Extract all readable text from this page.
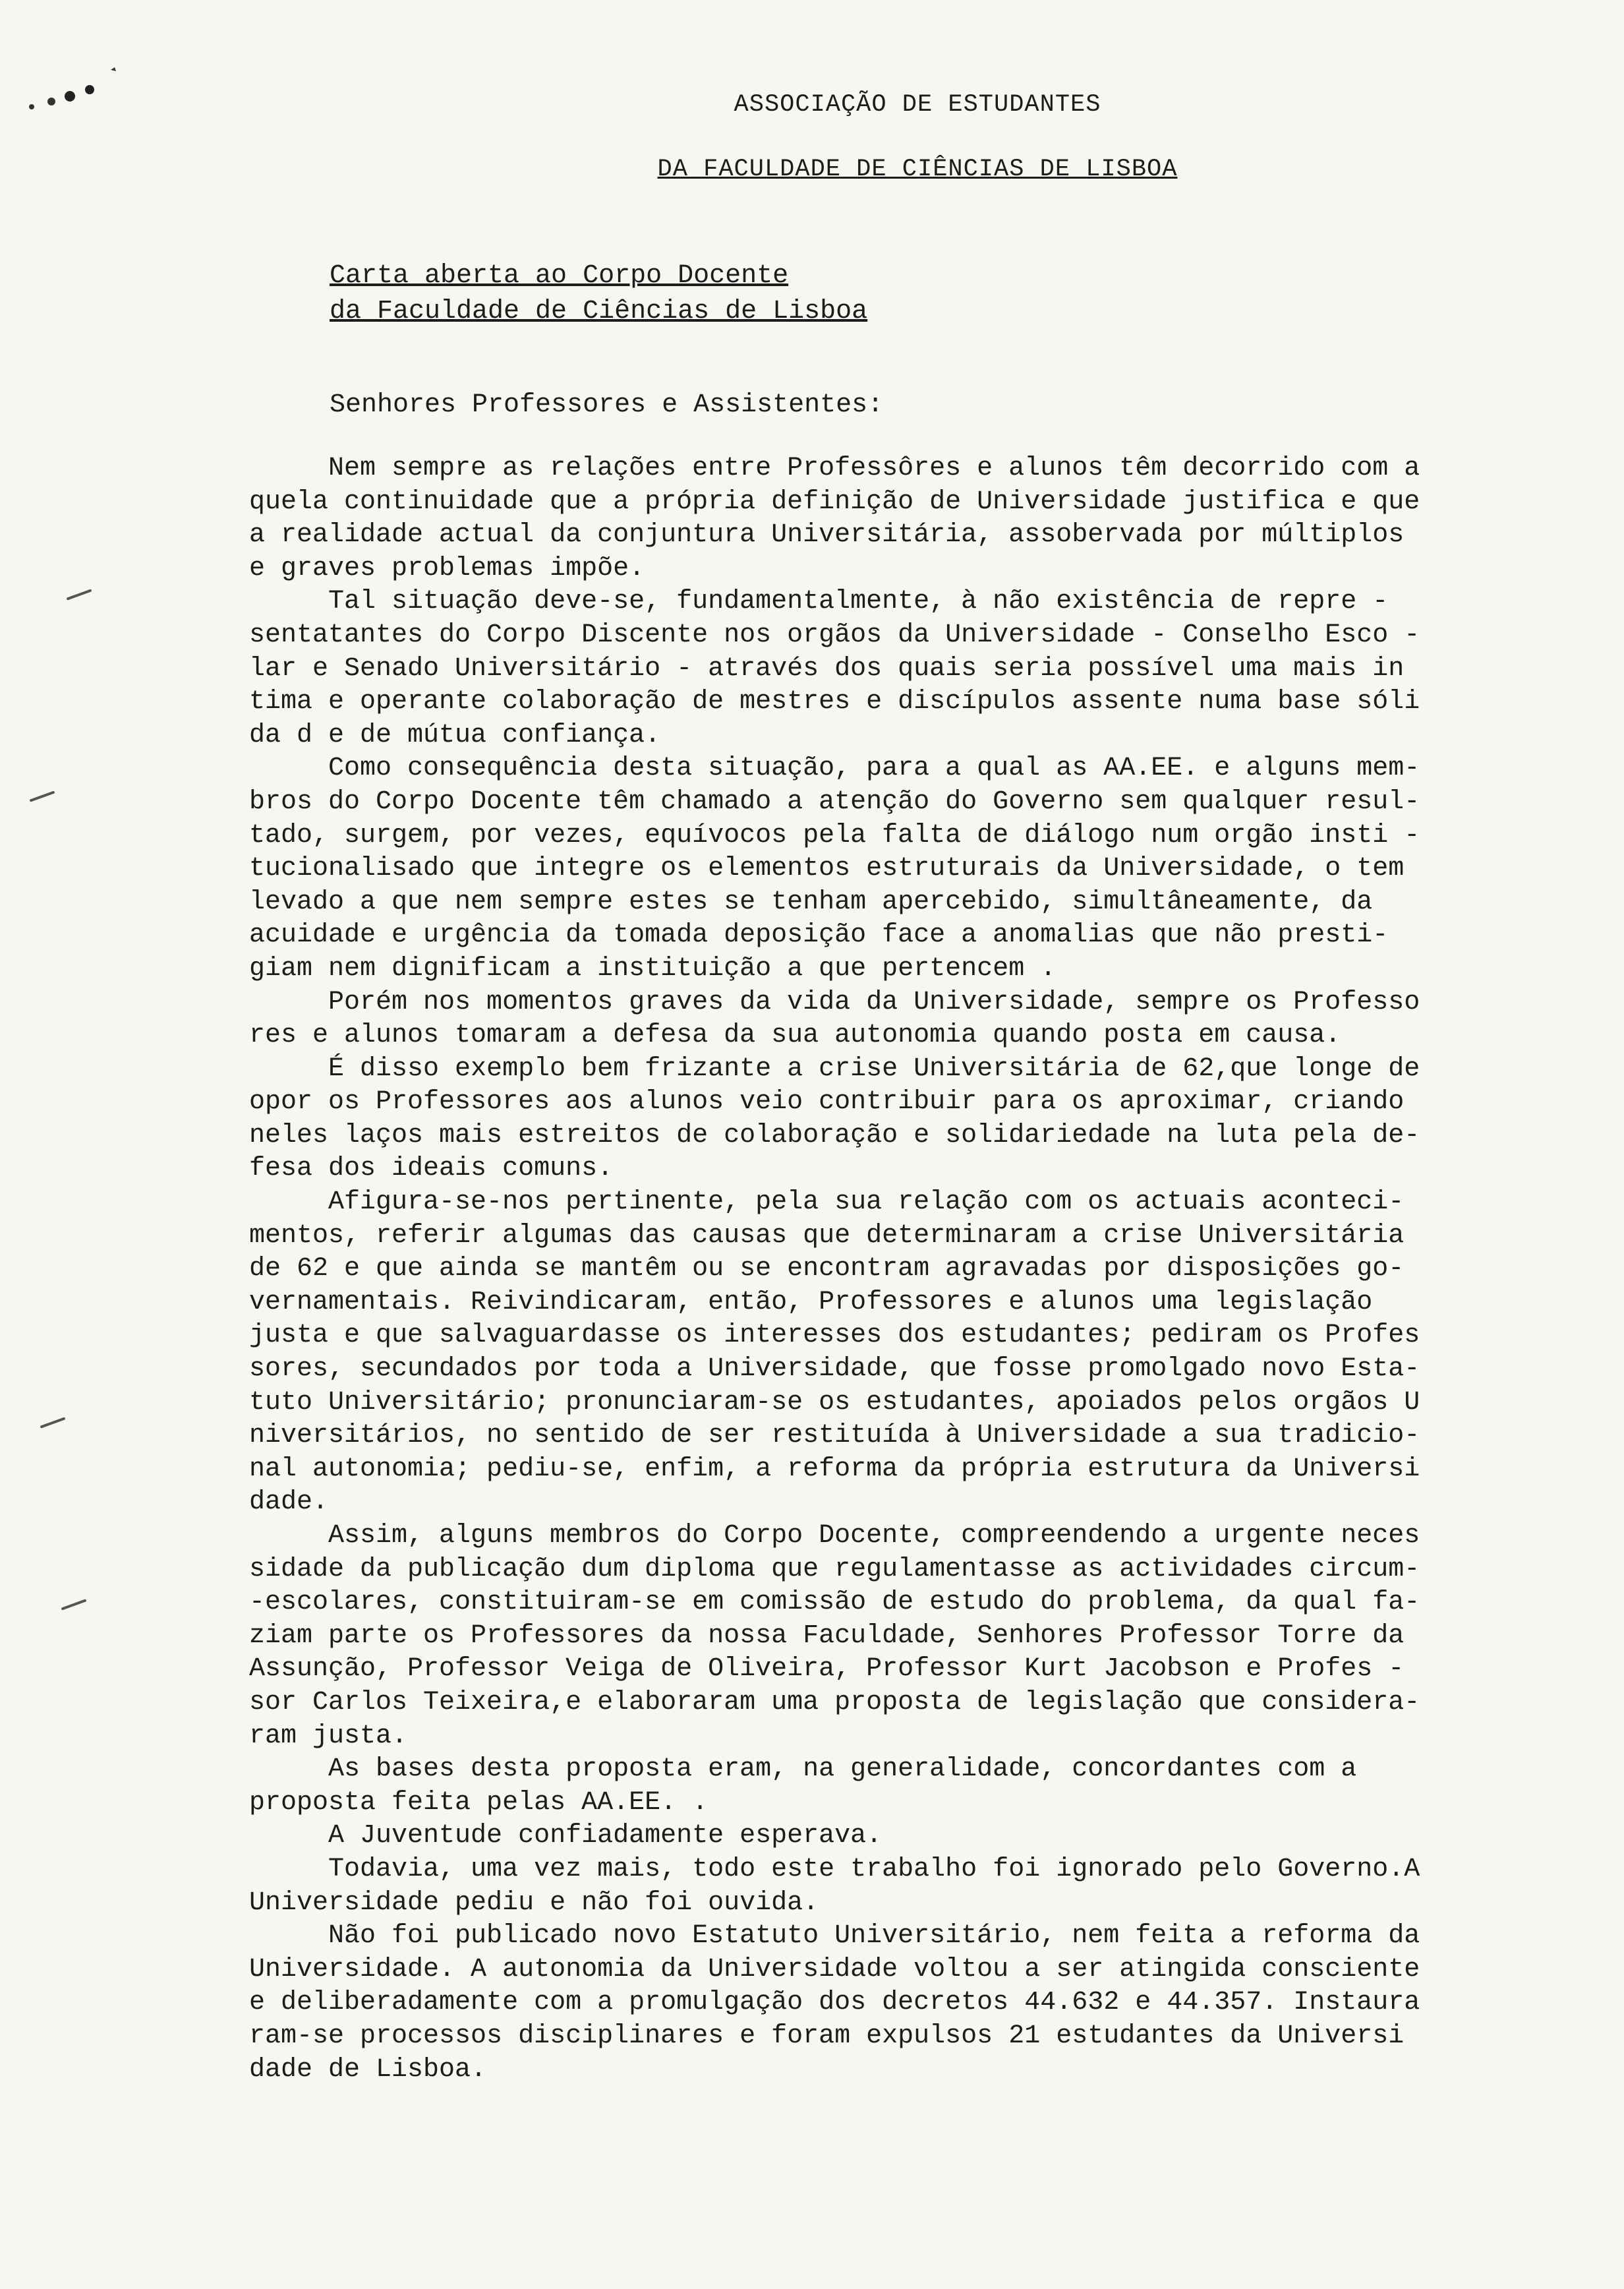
ASSOCIAÇÃO DE ESTUDANTES
DA FACULDADE DE CIÊNCIAS DE LISBOA
Carta aberta ao Corpo Docente
da Faculdade de Ciências de Lisboa
Senhores Professores e Assistentes:
Nem sempre as relações entre Professôres e alunos têm decorrido com a
quela continuidade que a própria definição de Universidade justifica e que
a realidade actual da conjuntura Universitária, assobervada por múltiplos
e graves problemas impõe.
Tal situação deve-se, fundamentalmente, à não existência de repre -
sentatantes do Corpo Discente nos orgãos da Universidade - Conselho Esco -
lar e Senado Universitário - através dos quais seria possível uma mais in
tima e operante colaboração de mestres e discípulos assente numa base sóli
da d e de mútua confiança.
Como consequência desta situação, para a qual as AA.EE. e alguns mem-
bros do Corpo Docente têm chamado a atenção do Governo sem qualquer resul-
tado, surgem, por vezes, equívocos pela falta de diálogo num orgão insti -
tucionalisado que integre os elementos estruturais da Universidade, o tem
levado a que nem sempre estes se tenham apercebido, simultâneamente, da
acuidade e urgência da tomada deposição face a anomalias que não presti-
giam nem dignificam a instituição a que pertencem .
Porém nos momentos graves da vida da Universidade, sempre os Professo
res e alunos tomaram a defesa da sua autonomia quando posta em causa.
É disso exemplo bem frizante a crise Universitária de 62,que longe de
opor os Professores aos alunos veio contribuir para os aproximar, criando
neles laços mais estreitos de colaboração e solidariedade na luta pela de-
fesa dos ideais comuns.
Afigura-se-nos pertinente, pela sua relação com os actuais aconteci-
mentos, referir algumas das causas que determinaram a crise Universitária
de 62 e que ainda se mantêm ou se encontram agravadas por disposições go-
vernamentais. Reivindicaram, então, Professores e alunos uma legislação
justa e que salvaguardasse os interesses dos estudantes; pediram os Profes
sores, secundados por toda a Universidade, que fosse promolgado novo Esta-
tuto Universitário; pronunciaram-se os estudantes, apoiados pelos orgãos U
niversitários, no sentido de ser restituída à Universidade a sua tradicio-
nal autonomia; pediu-se, enfim, a reforma da própria estrutura da Universi
dade.
Assim, alguns membros do Corpo Docente, compreendendo a urgente neces
sidade da publicação dum diploma que regulamentasse as actividades circum-
-escolares, constituiram-se em comissão de estudo do problema, da qual fa-
ziam parte os Professores da nossa Faculdade, Senhores Professor Torre da
Assunção, Professor Veiga de Oliveira, Professor Kurt Jacobson e Profes -
sor Carlos Teixeira,e elaboraram uma proposta de legislação que considera-
ram justa.
As bases desta proposta eram, na generalidade, concordantes com a
proposta feita pelas AA.EE. .
A Juventude confiadamente esperava.
Todavia, uma vez mais, todo este trabalho foi ignorado pelo Governo.A
Universidade pediu e não foi ouvida.
Não foi publicado novo Estatuto Universitário, nem feita a reforma da
Universidade. A autonomia da Universidade voltou a ser atingida consciente
e deliberadamente com a promulgação dos decretos 44.632 e 44.357. Instaura
ram-se processos disciplinares e foram expulsos 21 estudantes da Universi
dade de Lisboa.
